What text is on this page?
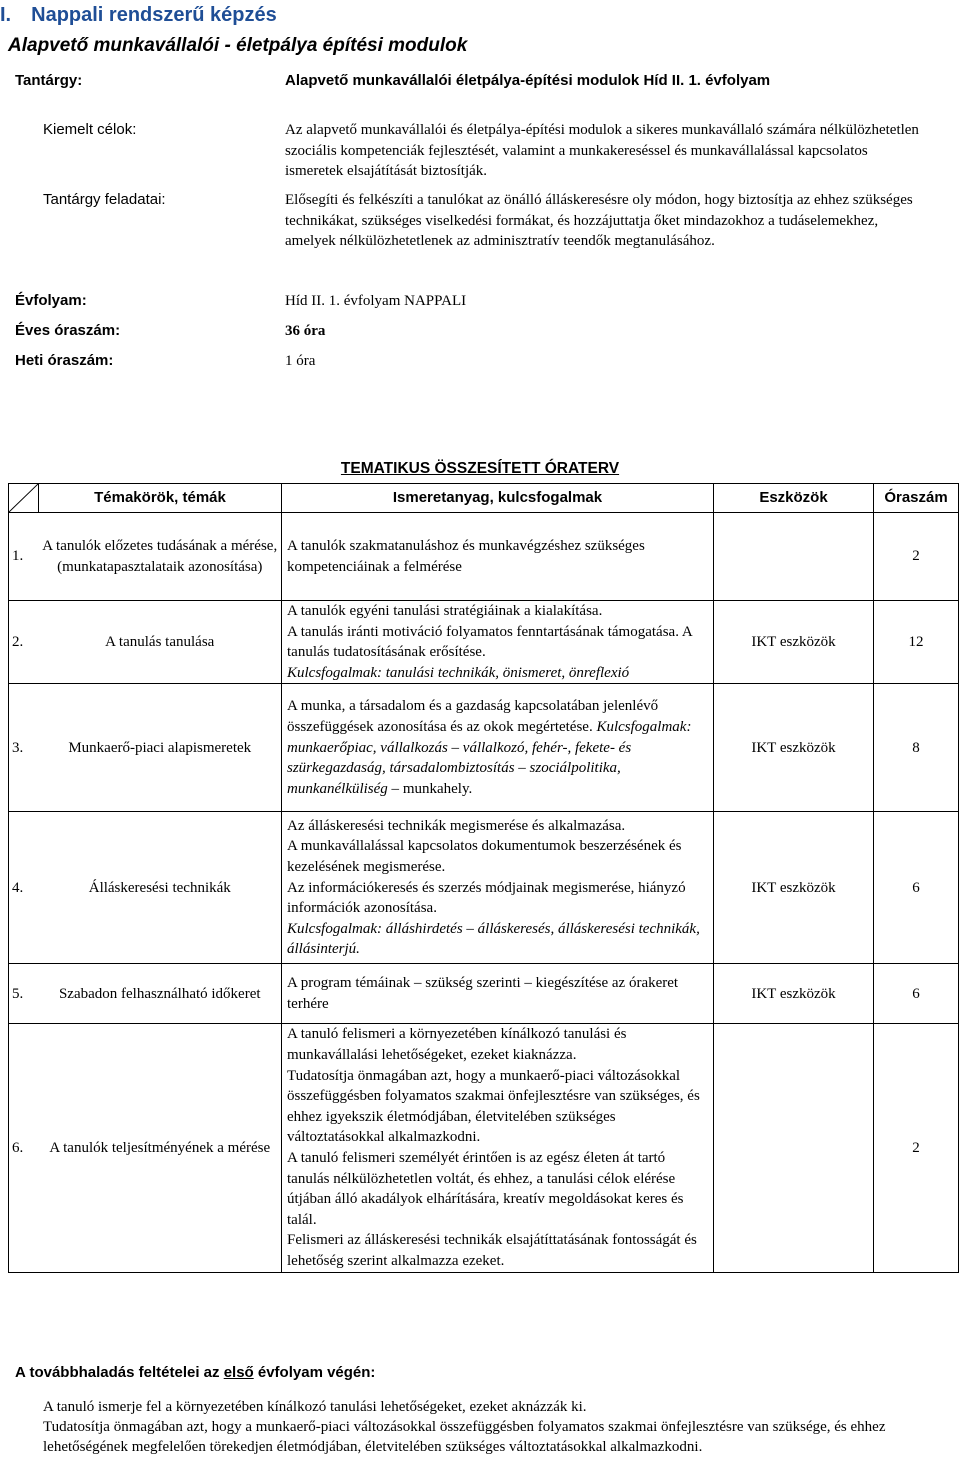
I. Nappali rendszerű képzés
Alapvető munkavállalói - életpálya építési modulok
Tantárgy:	Alapvető munkavállalói életpálya-építési modulok Híd II. 1. évfolyam
Kiemelt célok:	Az alapvető munkavállalói és életpálya-építési modulok a sikeres munkavállaló számára nélkülözhetetlen szociális kompetenciák fejlesztését, valamint a munkakereséssel és munkavállalással kapcsolatos ismeretek elsajátítását biztosítják.
Tantárgy feladatai:	Elősegíti és felkészíti a tanulókat az önálló álláskeresésre oly módon, hogy biztosítja az ehhez szükséges technikákat, szükséges viselkedési formákat, és hozzájuttatja őket mindazokhoz a tudáselemekhez, amelyek nélkülözhetetlenek az adminisztratív teendők megtanulásához.
Évfolyam:	Híd II. 1. évfolyam NAPPALI
Éves óraszám:	36 óra
Heti óraszám:	1 óra
TEMATIKUS ÖSSZESÍTETT ÓRATERV
	Témakörök, témák	Ismeretanyag, kulcsfogalmak	Eszközök	Óraszám
1.	A tanulók előzetes tudásának a mérése, (munkatapasztalataik azonosítása)	A tanulók szakmatanuláshoz és munkavégzéshez szükséges kompetenciáinak a felmérése		2
2.	A tanulás tanulása	A tanulók egyéni tanulási stratégiáinak a kialakítása.
A tanulás iránti motiváció folyamatos fenntartásának támogatása. A tanulás tudatosításának erősítése.
Kulcsfogalmak: tanulási technikák, önismeret, önreflexió	IKT eszközök	12
3.	Munkaerő-piaci alapismeretek	A munka, a társadalom és a gazdaság kapcsolatában jelenlévő összefüggések azonosítása és az okok megértetése. Kulcsfogalmak: munkaerőpiac, vállalkozás – vállalkozó, fehér-, fekete- és szürkegazdaság, társadalombiztosítás – szociálpolitika, munkanélküliség – munkahely.	IKT eszközök	8
4.	Álláskeresési technikák	Az álláskeresési technikák megismerése és alkalmazása.
A munkavállalással kapcsolatos dokumentumok beszerzésének és kezelésének megismerése.
Az információkeresés és szerzés módjainak megismerése, hiányzó információk azonosítása.
Kulcsfogalmak: álláshirdetés – álláskeresés, álláskeresési technikák, állásinterjú.	IKT eszközök	6
5.	Szabadon felhasználható időkeret	A program témáinak – szükség szerinti – kiegészítése az órakeret terhére	IKT eszközök	6
6.	A tanulók teljesítményének a mérése	A tanuló felismeri a környezetében kínálkozó tanulási és munkavállalási lehetőségeket, ezeket kiaknázza.
Tudatosítja önmagában azt, hogy a munkaerő-piaci változásokkal összefüggésben folyamatos szakmai önfejlesztésre van szükséges, és ehhez igyekszik életmódjában, életvitelében szükséges változtatásokkal alkalmazkodni.
A tanuló felismeri személyét érintően is az egész életen át tartó tanulás nélkülözhetetlen voltát, és ehhez, a tanulási célok elérése útjában álló akadályok elhárítására, kreatív megoldásokat keres és talál.
Felismeri az álláskeresési technikák elsajátíttatásának fontosságát és lehetőség szerint alkalmazza ezeket.		2
A továbbhaladás feltételei az első évfolyam végén:
A tanuló ismerje fel a környezetében kínálkozó tanulási lehetőségeket, ezeket aknázzák ki.
Tudatosítja önmagában azt, hogy a munkaerő-piaci változásokkal összefüggésben folyamatos szakmai önfejlesztésre van szüksége, és ehhez lehetőségének megfelelően törekedjen életmódjában, életvitelében szükséges változtatásokkal alkalmazkodni.
